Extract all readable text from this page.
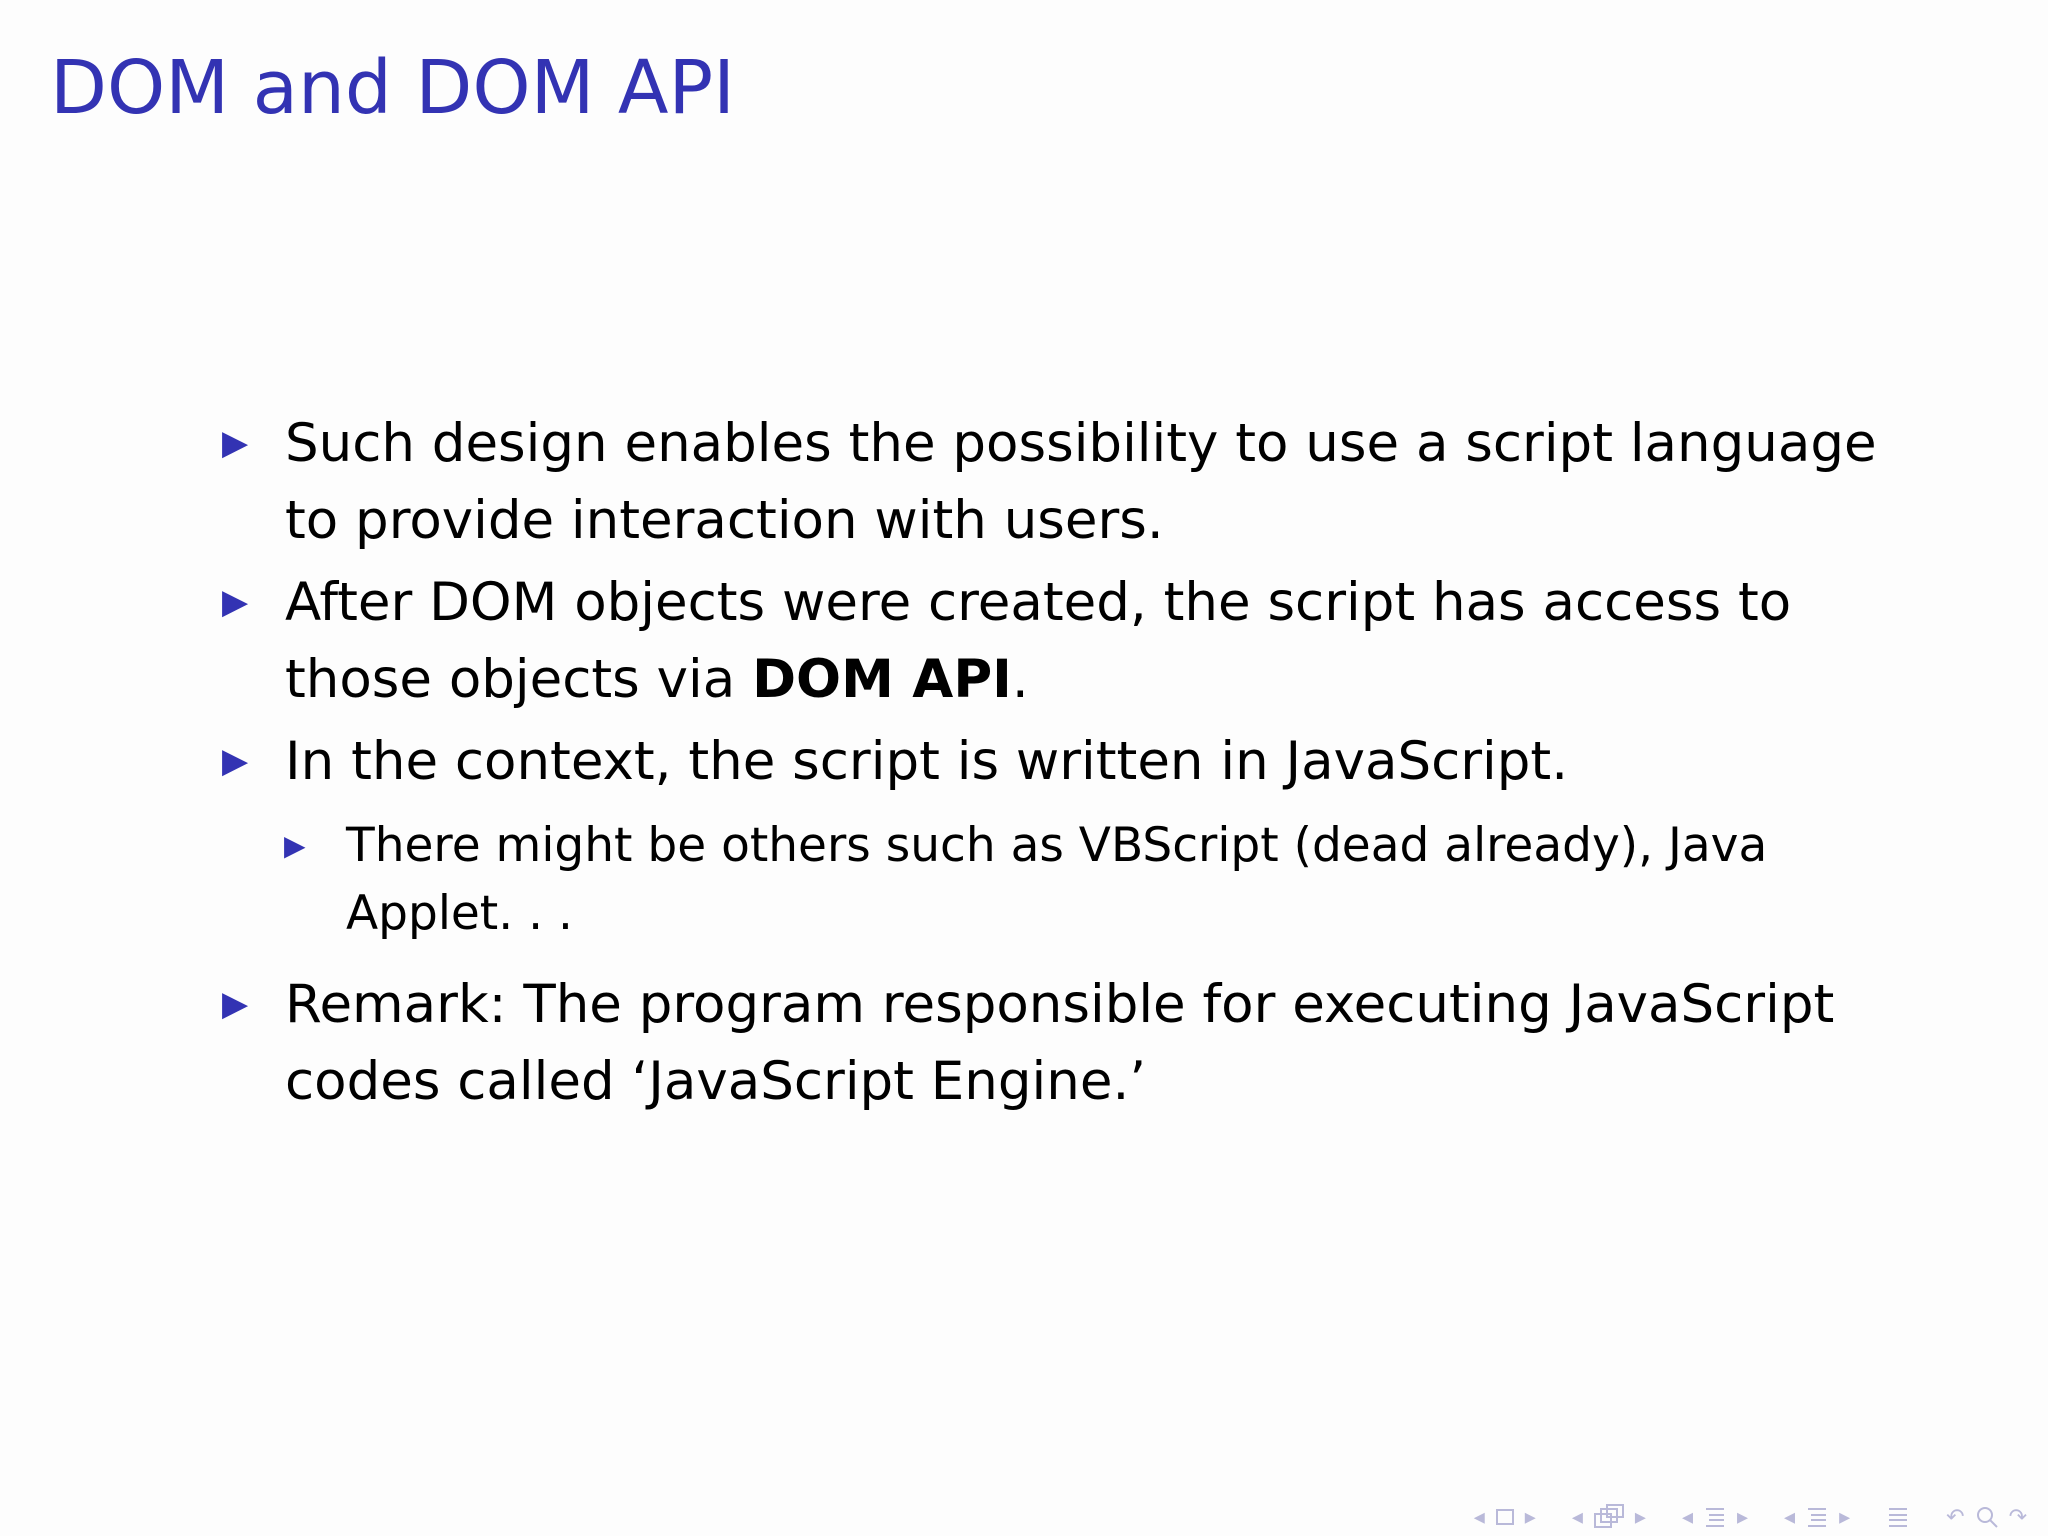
DOM and DOM API
▶ Such design enables the possibility to use a script language to provide interaction with users.
▶ After DOM objects were created, the script has access to those objects via DOM API.
▶ In the context, the script is written in JavaScript.
▶ There might be others such as VBScript (dead already), Java Applet. . .
▶ Remark: The program responsible for executing JavaScript codes called ‘JavaScript Engine.’
◂ ▸ ◂ ▸ ◂ ▸ ◂ ▸	↶ ↷
